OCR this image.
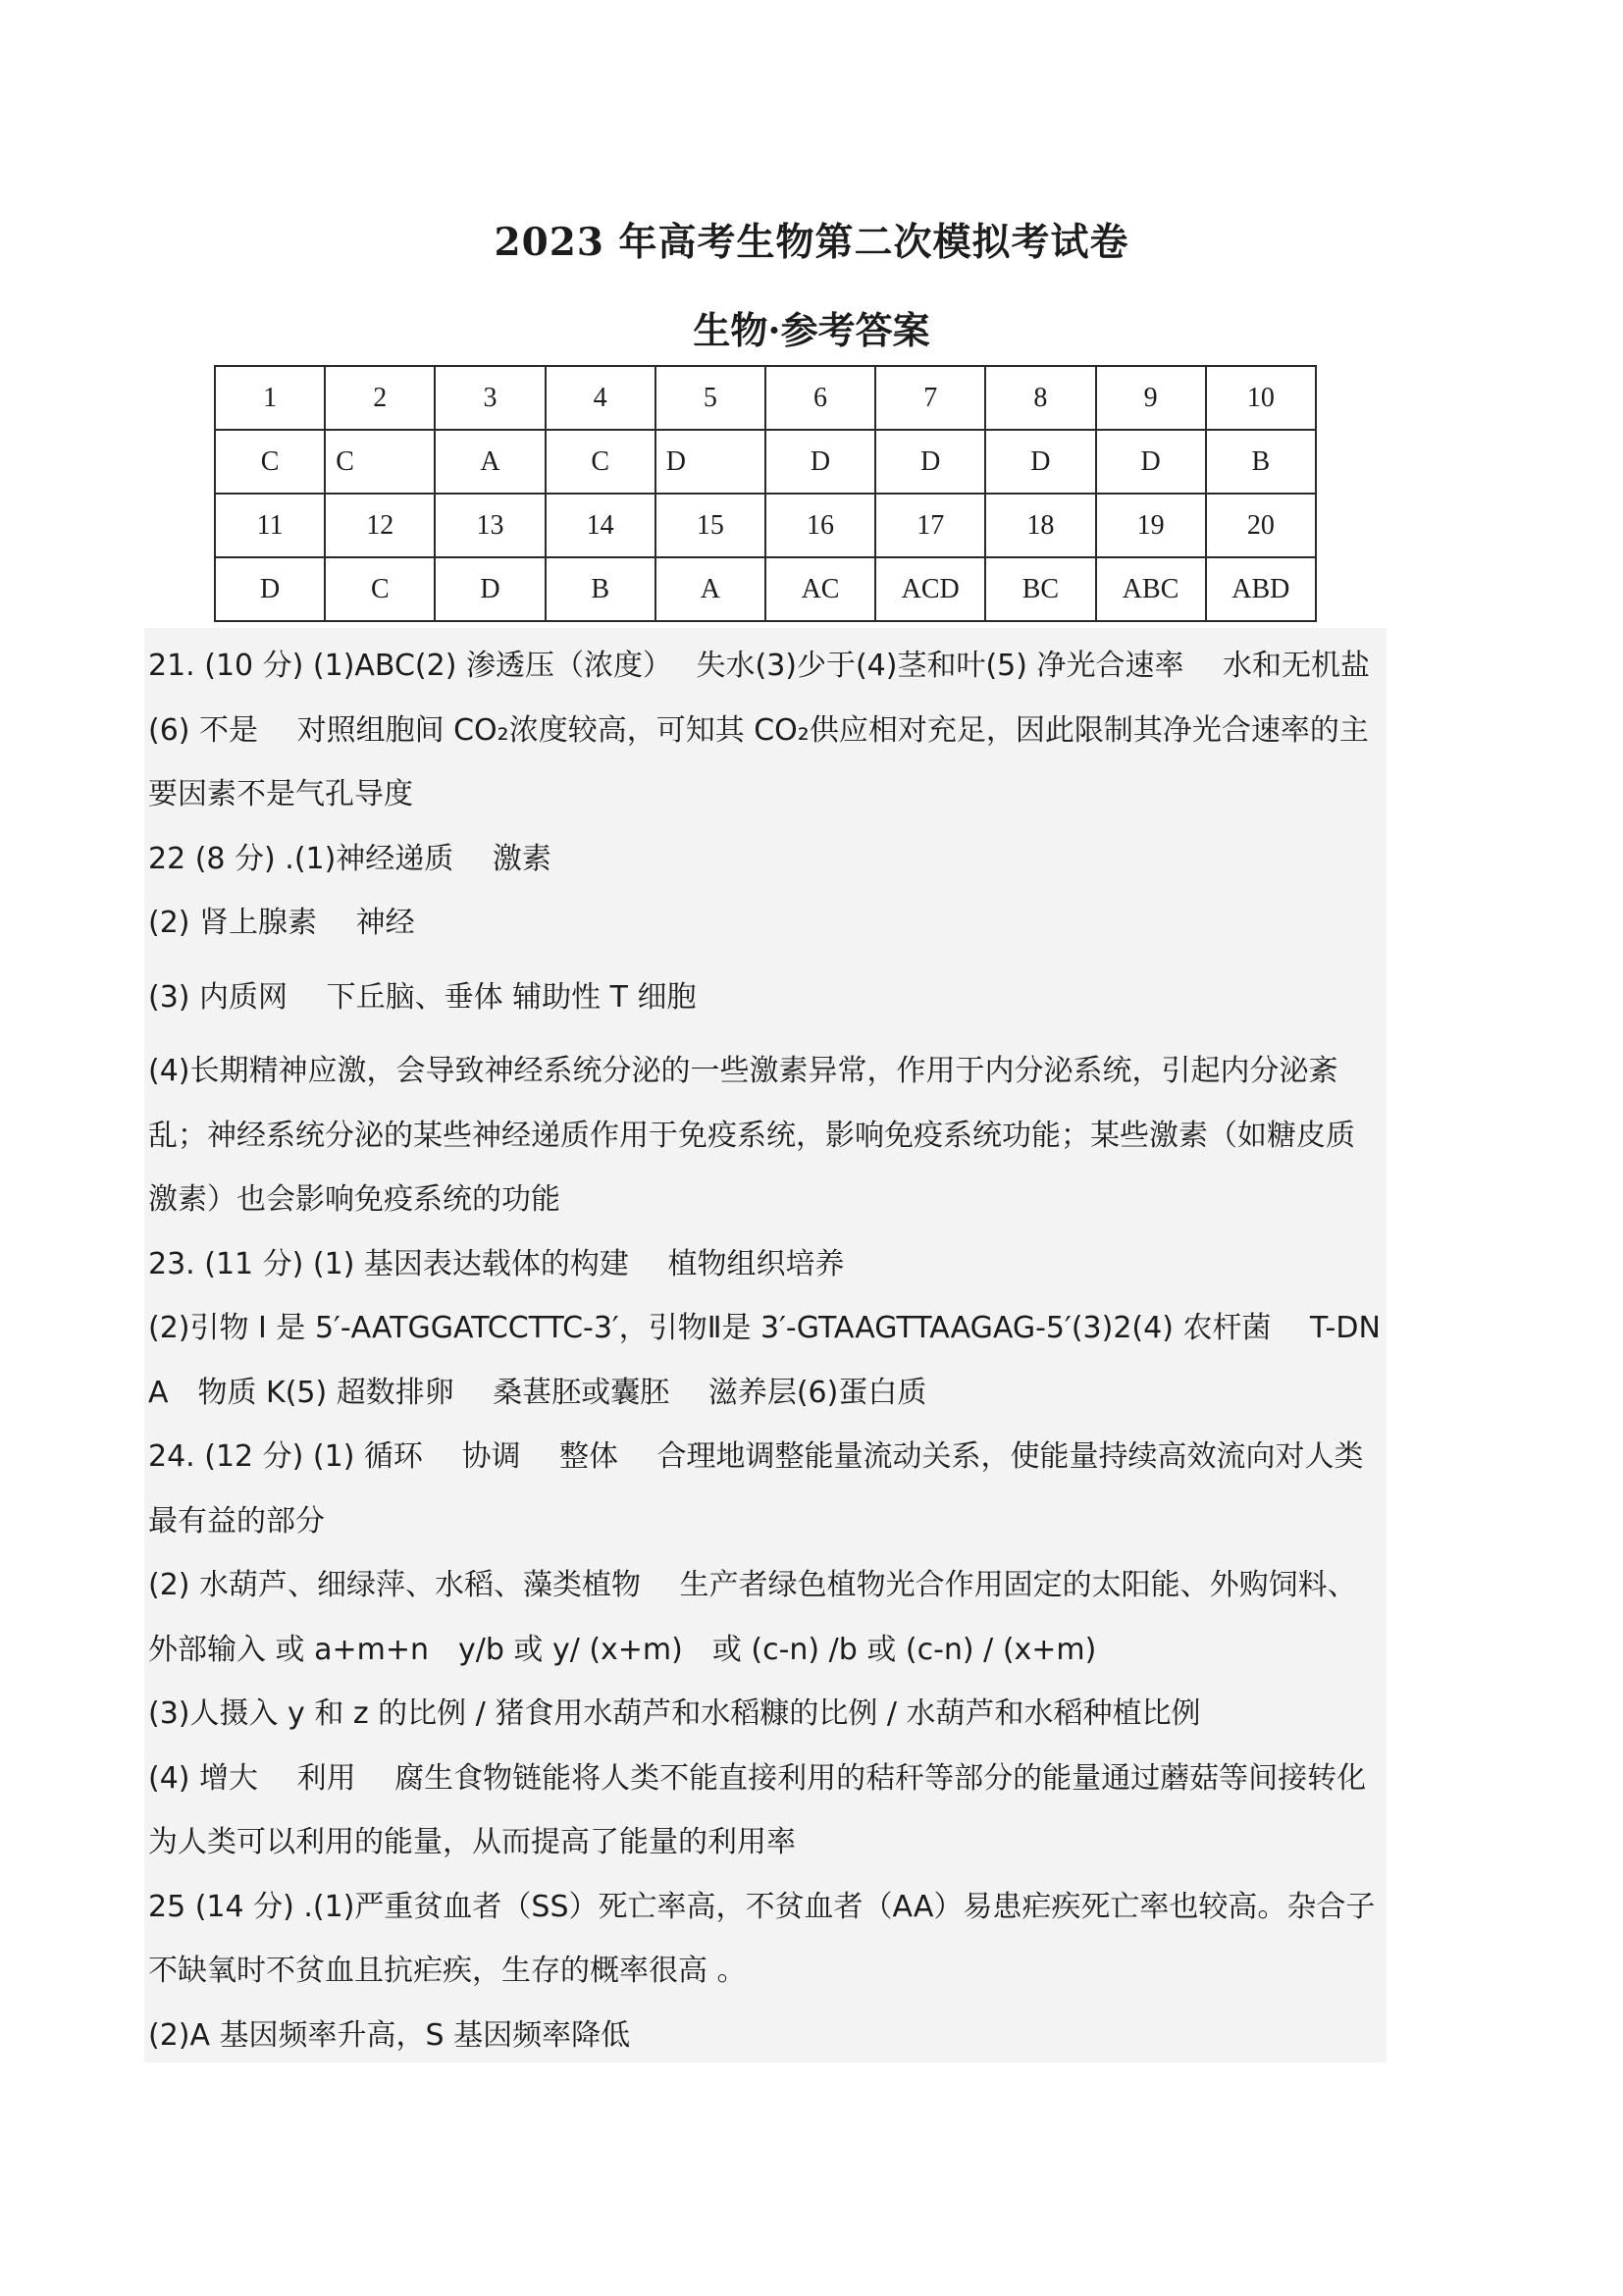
2023 年高考生物第二次模拟考试卷
生物·参考答案
1	2	3	4	5	6	7	8	9	10
C	C	A	C	D	D	D	D	D	B
11	12	13	14	15	16	17	18	19	20
D	C	D	B	A	AC	ACD	BC	ABC	ABD

21. (10 分) (1)ABC(2) 渗透压（浓度）　 失水(3)少于(4)茎和叶(5) 净光合速率　 水和无机盐

(6) 不是　 对照组胞间 CO₂浓度较高，可知其 CO₂供应相对充足，因此限制其净光合速率的主要因素不是气孔导度

22 (8 分) .(1)神经递质　 激素

(2) 肾上腺素　 神经

(3) 内质网　 下丘脑、垂体 辅助性 T 细胞

(4)长期精神应激，会导致神经系统分泌的一些激素异常，作用于内分泌系统，引起内分泌紊乱；神经系统分泌的某些神经递质作用于免疫系统，影响免疫系统功能；某些激素（如糖皮质激素）也会影响免疫系统的功能

23. (11 分) (1) 基因表达载体的构建　 植物组织培养

(2)引物 I 是 5′-AATGGATCCTTC-3′，引物Ⅱ是 3′-GTAAGTTAAGAG-5′(3)2(4) 农杆菌　 T-DNA　物质 K(5) 超数排卵　 桑葚胚或囊胚　 滋养层(6)蛋白质

24. (12 分) (1) 循环　 协调　 整体　 合理地调整能量流动关系，使能量持续高效流向对人类最有益的部分

(2) 水葫芦、细绿萍、水稻、藻类植物　 生产者绿色植物光合作用固定的太阳能、外购饲料、外部输入 或 a+m+n　y/b 或 y/ (x+m)　或 (c-n) /b 或 (c-n) / (x+m)

(3)人摄入 y 和 z 的比例 / 猪食用水葫芦和水稻糠的比例 / 水葫芦和水稻种植比例

(4) 增大　 利用　 腐生食物链能将人类不能直接利用的秸秆等部分的能量通过蘑菇等间接转化为人类可以利用的能量，从而提高了能量的利用率

25 (14 分) .(1)严重贫血者（SS）死亡率高，不贫血者（AA）易患疟疾死亡率也较高。杂合子不缺氧时不贫血且抗疟疾，生存的概率很高 。

(2)A 基因频率升高，S 基因频率降低
